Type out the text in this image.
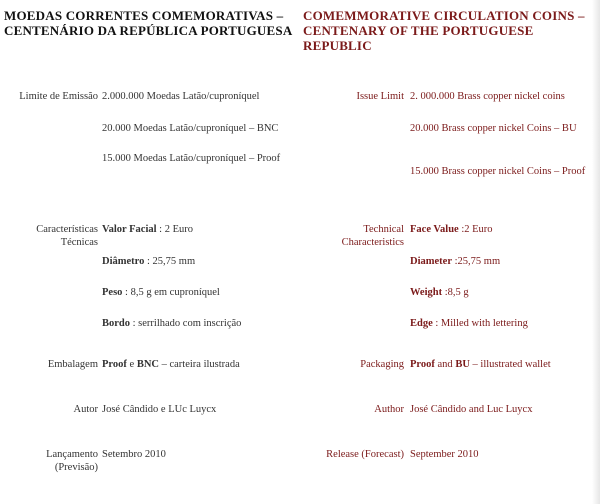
MOEDAS CORRENTES COMEMORATIVAS – CENTENÁRIO DA REPÚBLICA PORTUGUESA
Limite de Emissão 2.000.000 Moedas Latão/cuproníquel
20.000 Moedas Latão/cuproníquel – BNC
15.000 Moedas Latão/cuproníquel – Proof
Características Técnicas
Valor Facial : 2 Euro
Diâmetro : 25,75 mm
Peso : 8,5 g em cuproníquel
Bordo : serrilhado com inscrição
Embalagem Proof e BNC – carteira ilustrada
Autor José Cândido e LUc Luycx
Lançamento (Previsão)
Setembro 2010
COMEMMORATIVE CIRCULATION COINS – CENTENARY OF THE PORTUGUESE REPUBLIC
Issue Limit 2. 000.000 Brass copper nickel coins
20.000 Brass copper nickel Coins – BU
15.000 Brass copper nickel Coins – Proof
Technical Characteristics
Face Value :2 Euro
Diameter :25,75 mm
Weight :8,5 g
Edge : Milled with lettering
Packaging Proof and BU – illustrated wallet
Author José Cândido and Luc Luycx
Release (Forecast) September 2010
